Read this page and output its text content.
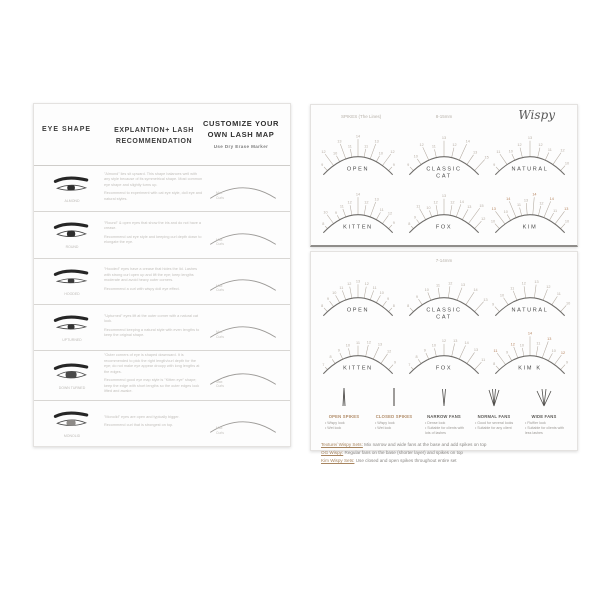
EYE SHAPE	EXPLANTION+ LASH RECOMMENDATION
CUSTOMIZE YOUR OWN LASH MAP
Use Dry Erase Marker
ALMOND

"Almond" lies sit upward. This shape balances well with any style because of its symmetrical shape. Most common eye shape and slightly turns up.

Recommend to experiment with cat eye style, doll eye and natural styles.

Max
Curls
ROUND

"Round" & open eyes that show the iris and do not have a crease.

Recommend cat eye style and keeping curl depth down to elongate the eye.

Max
Curls
HOODED

"Hooded" eyes have a crease that hides the lid. Lashes with strong curl open up and lift the eye; keep lengths moderate and avoid heavy outer corners.

Recommend a curl with wispy doll eye effect.

Max
Curls
UPTURNED

"Upturned" eyes lift at the outer corner with a natural cat look.

Recommend keeping a natural style with even lengths to keep the original shape.

Max
Curls
DOWN TURNED

"Outer corners of eye is shaped downward. It is recommended to pick the right length/curl depth for the eye; do not make eye appear droopy with long lengths at the edges.

Recommend good eye map style is "Kitten eye" shape; keep the edge with short lengths so the outer edges look lifted and awake.

Max
Curls
MONOLID

"Monolid" eyes are open and typically bigger.

Recommend curl that is strongest on top.

Max
Curls
SPIKES (The Lines)	8-15mm	Wispy
9
12 10
13
11
14
11
13
10 12
9
OPEN
9
10
12 11
13
12
14
13
15
CLASSIC
CAT
9
11 10
12
13
12
11 12
10
NATURAL
8
10 9
11
12
14
12
13
11
12
9
KITTEN
8
9
11 10
12
13
12 14
13 15
12
FOX
10
13
10
14
11
13
14
12
14
11 13
10
KIM
7-14mm
8
9
10
11
12
13
12
11
10
9
8
OPEN
8
9
10
11 12 13
14
13
CLASSIC
CAT
9
10
11
12 13
12
11
10
NATURAL
7
8
9
10
11 12
13
12
9
KITTEN
7
8
9
10
12 13
14
13
11
FOX
8
11 9
12 10
14
11
13
10
12
9
KIM K
OPEN SPIKES
• Wispy look
• Wet look
CLOSED SPIKES
• Wispy look
• Wet look
NARROW FANS
• Dense look
• Suitable for clients with lots of lashes
NORMAL FANS
• Good for several looks
• Suitable for any client
WIDE FANS
• Fluffier look
• Suitable for clients with less lashes
Texture/ Wispy Sets: Mix narrow and wide fans at the base and add spikes on top
OG Wispy: Regular fans on the base (shorter layer) and spikes on top
Kim Wispy Sets: Use closed and open spikes throughout entire set
